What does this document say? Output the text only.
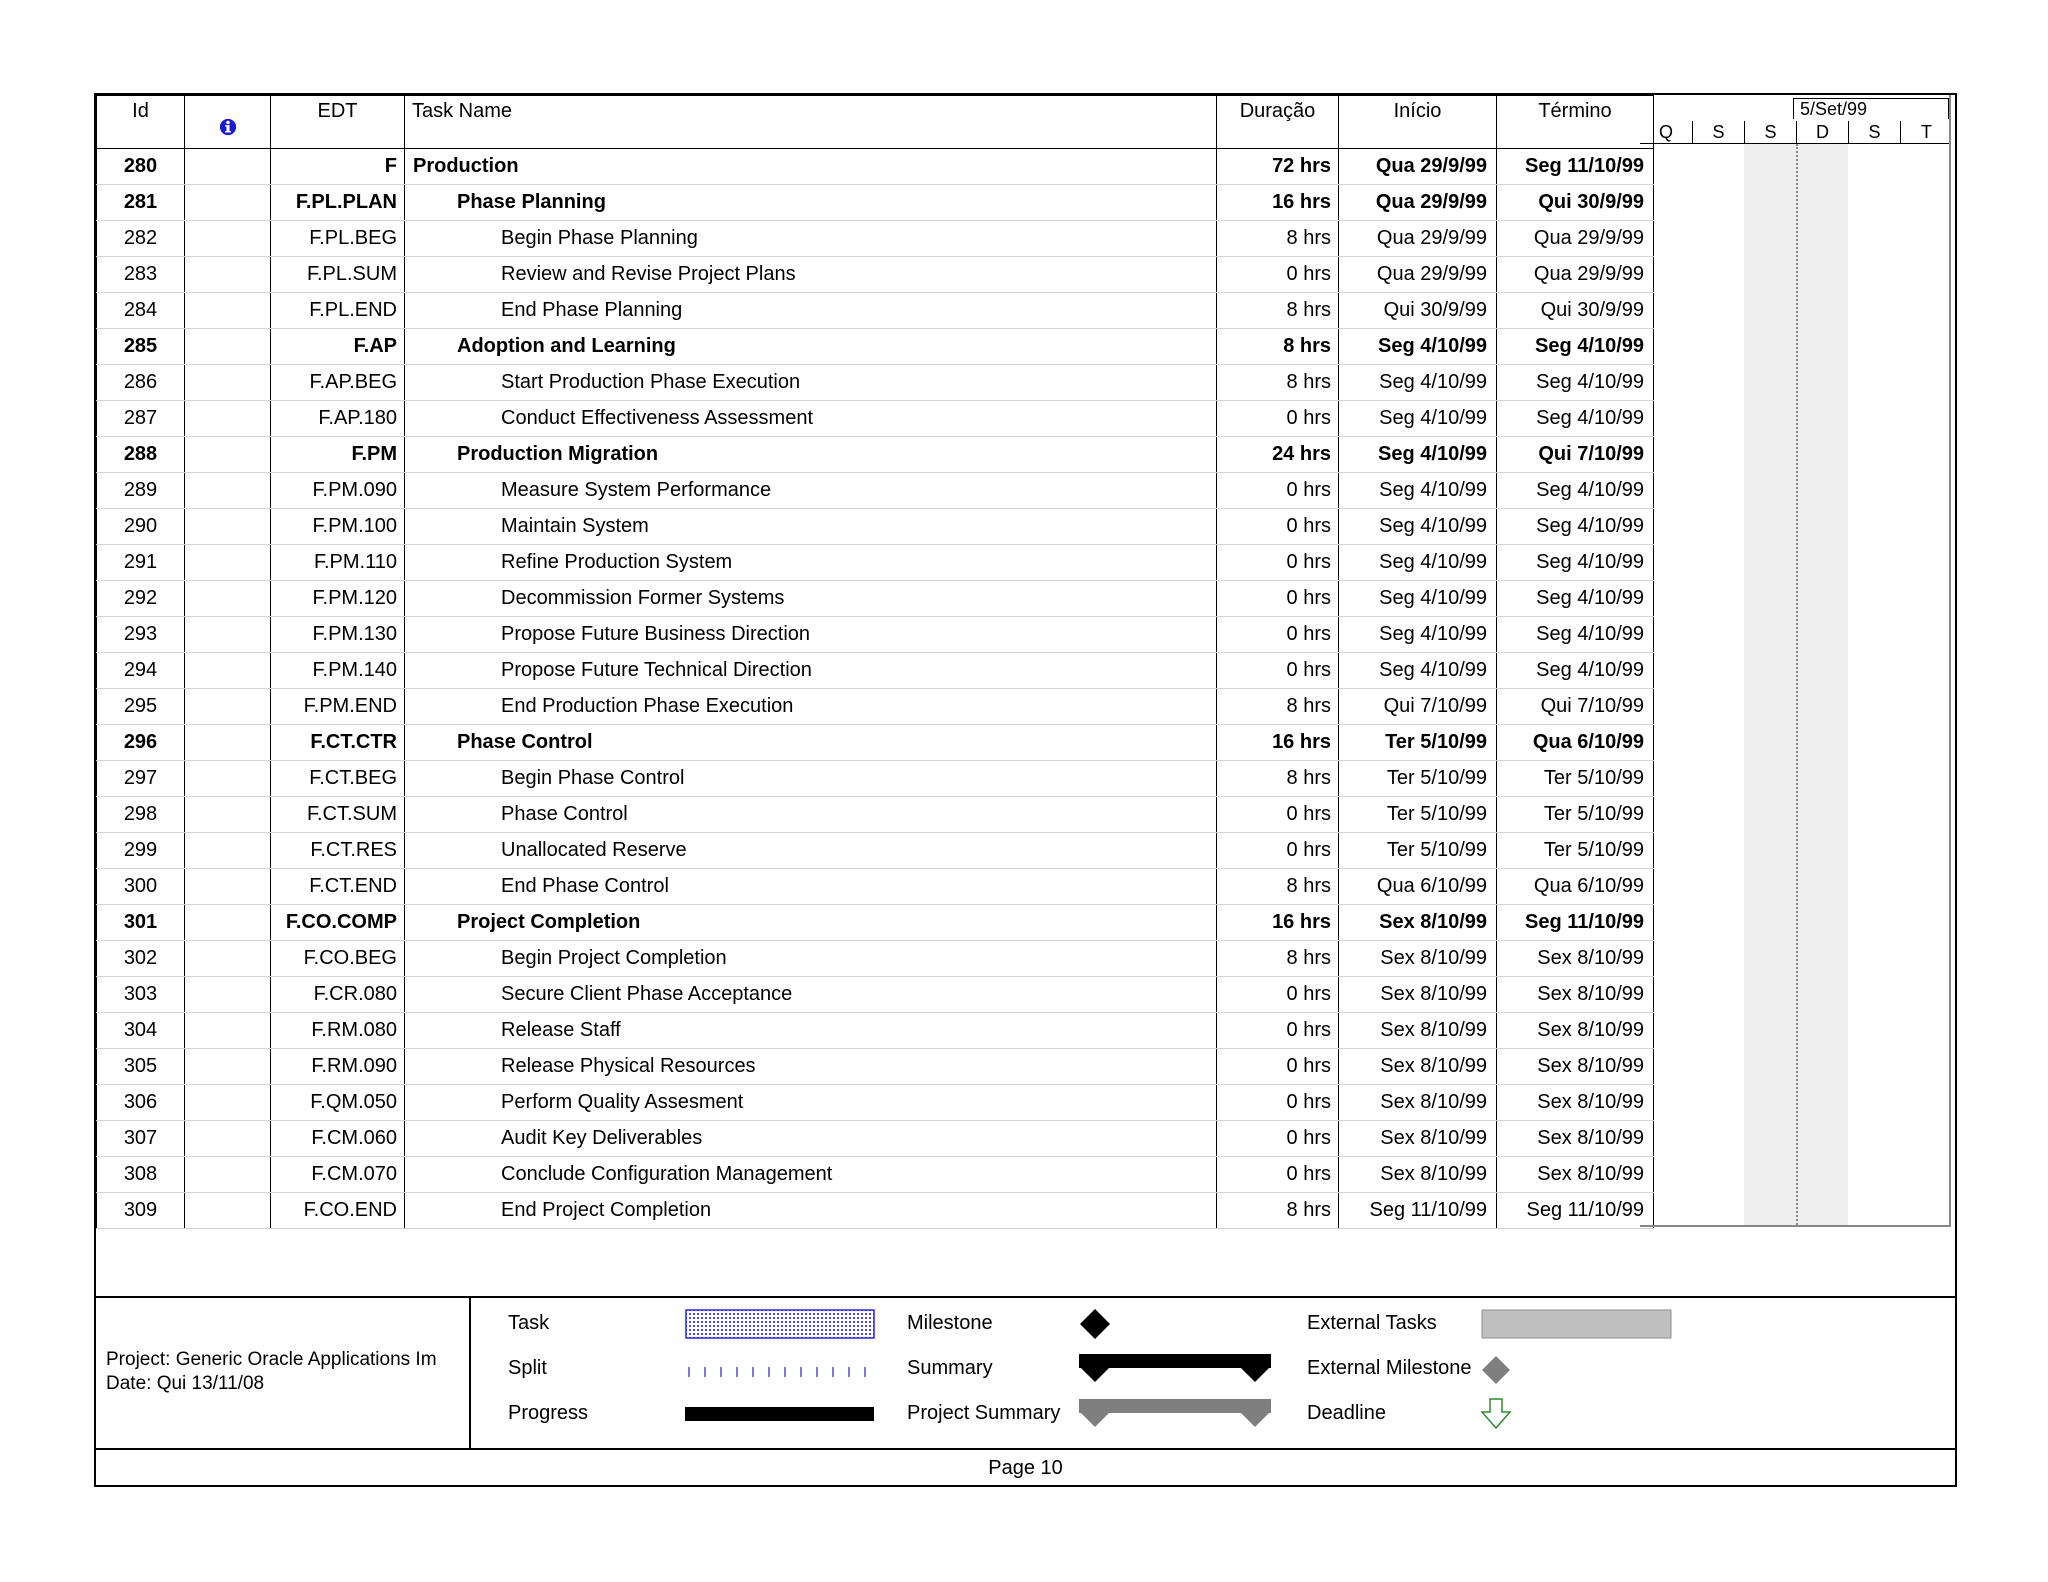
Id		EDT	Task Name	Duração	Início	Término
280		F	Production	72 hrs	Qua 29/9/99	Seg 11/10/99
281		F.PL.PLAN	Phase Planning	16 hrs	Qua 29/9/99	Qui 30/9/99
282		F.PL.BEG	Begin Phase Planning	8 hrs	Qua 29/9/99	Qua 29/9/99
283		F.PL.SUM	Review and Revise Project Plans	0 hrs	Qua 29/9/99	Qua 29/9/99
284		F.PL.END	End Phase Planning	8 hrs	Qui 30/9/99	Qui 30/9/99
285		F.AP	Adoption and Learning	8 hrs	Seg 4/10/99	Seg 4/10/99
286		F.AP.BEG	Start Production Phase Execution	8 hrs	Seg 4/10/99	Seg 4/10/99
287		F.AP.180	Conduct Effectiveness Assessment	0 hrs	Seg 4/10/99	Seg 4/10/99
288		F.PM	Production Migration	24 hrs	Seg 4/10/99	Qui 7/10/99
289		F.PM.090	Measure System Performance	0 hrs	Seg 4/10/99	Seg 4/10/99
290		F.PM.100	Maintain System	0 hrs	Seg 4/10/99	Seg 4/10/99
291		F.PM.110	Refine Production System	0 hrs	Seg 4/10/99	Seg 4/10/99
292		F.PM.120	Decommission Former Systems	0 hrs	Seg 4/10/99	Seg 4/10/99
293		F.PM.130	Propose Future Business Direction	0 hrs	Seg 4/10/99	Seg 4/10/99
294		F.PM.140	Propose Future Technical Direction	0 hrs	Seg 4/10/99	Seg 4/10/99
295		F.PM.END	End Production Phase Execution	8 hrs	Qui 7/10/99	Qui 7/10/99
296		F.CT.CTR	Phase Control	16 hrs	Ter 5/10/99	Qua 6/10/99
297		F.CT.BEG	Begin Phase Control	8 hrs	Ter 5/10/99	Ter 5/10/99
298		F.CT.SUM	Phase Control	0 hrs	Ter 5/10/99	Ter 5/10/99
299		F.CT.RES	Unallocated Reserve	0 hrs	Ter 5/10/99	Ter 5/10/99
300		F.CT.END	End Phase Control	8 hrs	Qua 6/10/99	Qua 6/10/99
301		F.CO.COMP	Project Completion	16 hrs	Sex 8/10/99	Seg 11/10/99
302		F.CO.BEG	Begin Project Completion	8 hrs	Sex 8/10/99	Sex 8/10/99
303		F.CR.080	Secure Client Phase Acceptance	0 hrs	Sex 8/10/99	Sex 8/10/99
304		F.RM.080	Release Staff	0 hrs	Sex 8/10/99	Sex 8/10/99
305		F.RM.090	Release Physical Resources	0 hrs	Sex 8/10/99	Sex 8/10/99
306		F.QM.050	Perform Quality Assesment	0 hrs	Sex 8/10/99	Sex 8/10/99
307		F.CM.060	Audit Key Deliverables	0 hrs	Sex 8/10/99	Sex 8/10/99
308		F.CM.070	Conclude Configuration Management	0 hrs	Sex 8/10/99	Sex 8/10/99
309		F.CO.END	End Project Completion	8 hrs	Seg 11/10/99	Seg 11/10/99
5/Set/99
Q	S	S	D	S	T
Project: Generic Oracle Applications Im
Date: Qui 13/11/08
Task
Split
Progress
Milestone
Summary
Project Summary
External Tasks
External Milestone
Deadline
Page 10
